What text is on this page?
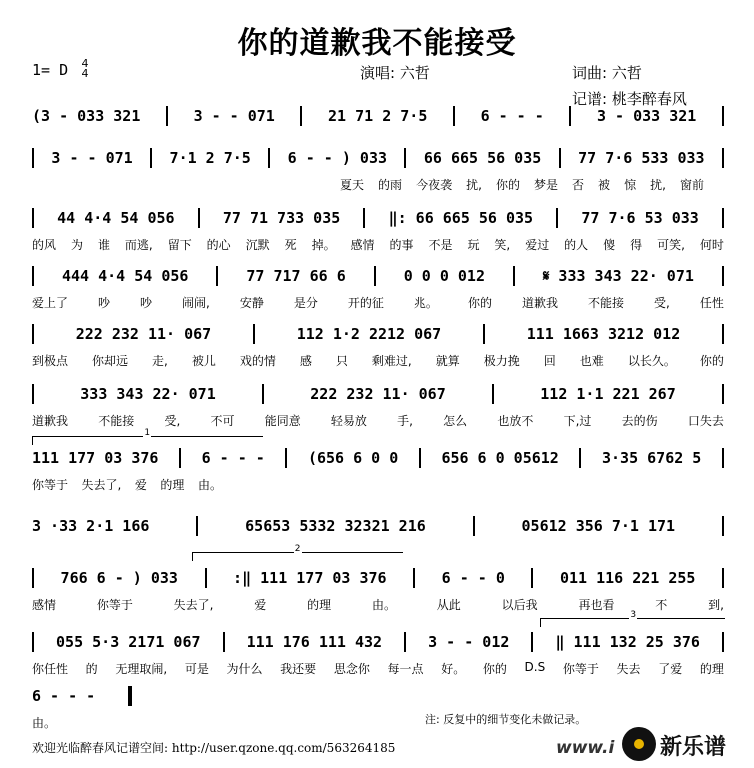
你的道歉我不能接受
1= D 4
4	演唱: 六哲	词曲: 六哲
记谱: 桃李醉春风
(3 - 033 321	3 - - 071	21 71 2 7·5	6 - - -	3 - 033 321
3 - - 071 7·1 2 7·5 6 - - ) 033 66 665 56 035 77 7·6 533 033
夏天 的雨 今夜袭 扰, 你的 梦是 否 被 惊 扰, 窗前
44 4·4 54 056	77 71 733 035	‖: 66 665 56 035	77 7·6 53 033
的风 为 谁 而逃, 留下 的心 沉默 死 掉。 感情 的事 不是 玩 笑, 爱过 的人 傻 得 可笑, 何时
444 4·4 54 056	77 717 66 6	0 0 0 012	𝄋 333 343 22· 071
爱上了	吵	吵	闹闹,	安静	是分	开的征	兆。	你的	道歉我	不能接	受,	任性
222 232 11· 067	112 1·2 2212 067	111 1663 3212 012
到极点 你却远 走, 被儿 戏的情 感 只 剩难过, 就算 极力挽 回 也难 以长久。 你的
333 343 22· 071	222 232 11· 067	112 1·1 221 267
道歉我	不能接	受,	不可	能同意	轻易放	手,	怎么	也放不	下,过	去的伤	口失去
111 177 03 376	6 - - -	(656 6 0 0	656 6 0 05612	3·35 6762 5
你等于 失去了, 爱 的理 由。
3 ·33 2·1 166	65653 5332 32321 216	05612 356 7·1 171
766 6 - ) 033	:‖ 111 177 03 376	6 - - 0	011 116 221 255
感情	你等于	失去了,	爱	的理	由。	从此	以后我	再也看	不	到,
055 5·3 2171 067	111 176 111 432	3 - - 012	‖ 111 132 25 376
你任性 的 无理取闹, 可是 为什么 我还要 思念你 每一点 好。 你的 D.S 你等于 失去 了爱 的理
6 - - -
由。
1
2
3
注: 反复中的细节变化未做记录。
欢迎光临醉春风记谱空间: http://user.qzone.qq.com/563264185	www.i 新乐谱
